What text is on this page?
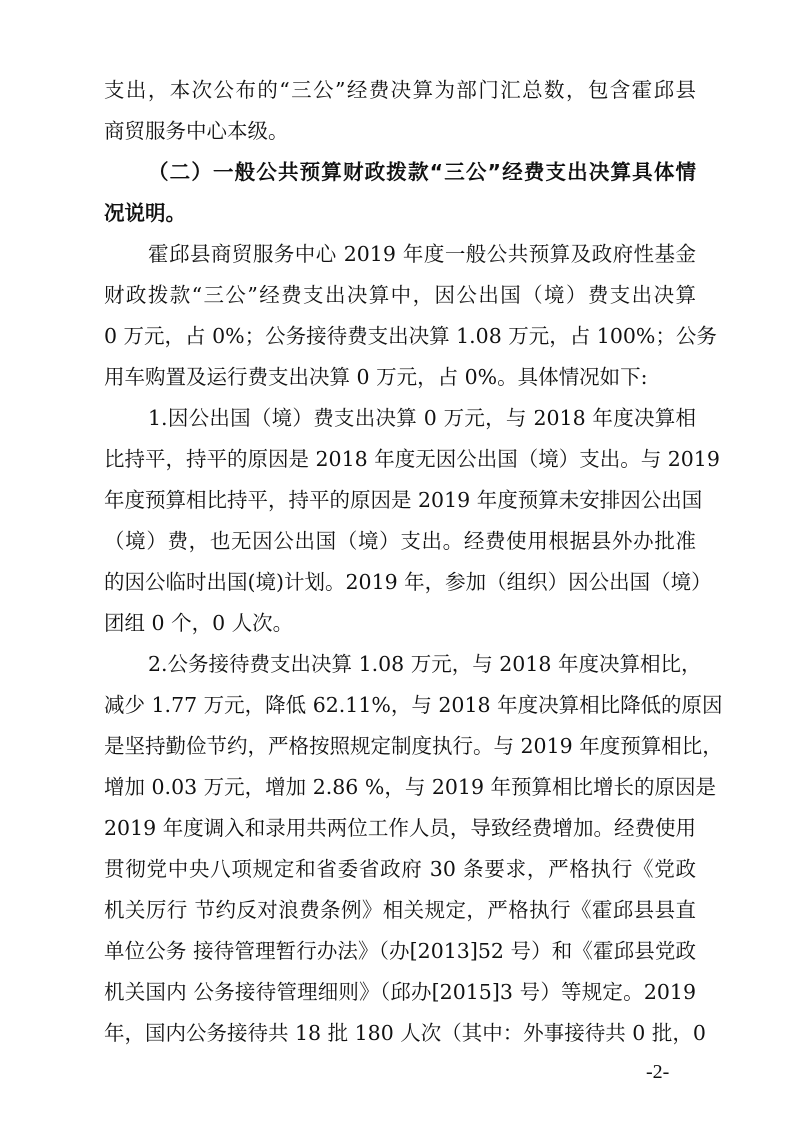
支出，本次公布的“三公”经费决算为部门汇总数，包含霍邱县
商贸服务中心本级。
（二）一般公共预算财政拨款“三公”经费支出决算具体情
况说明。
霍邱县商贸服务中心 2019 年度一般公共预算及政府性基金
财政拨款“三公”经费支出决算中，因公出国（境）费支出决算
0 万元，占 0%；公务接待费支出决算 1.08 万元，占 100%；公务
用车购置及运行费支出决算 0 万元，占 0%。具体情况如下:
1.因公出国（境）费支出决算 0 万元，与 2018 年度决算相
比持平，持平的原因是 2018 年度无因公出国（境）支出。与 2019
年度预算相比持平，持平的原因是 2019 年度预算未安排因公出国
（境）费，也无因公出国（境）支出。经费使用根据县外办批准
的因公临时出国(境)计划。2019 年，参加（组织）因公出国（境）
团组 0 个，0 人次。
2.公务接待费支出决算 1.08 万元，与 2018 年度决算相比，
减少 1.77 万元，降低 62.11%，与 2018 年度决算相比降低的原因
是坚持勤俭节约，严格按照规定制度执行。与 2019 年度预算相比，
增加 0.03 万元，增加 2.86 %，与 2019 年预算相比增长的原因是
2019 年度调入和录用共两位工作人员，导致经费增加。经费使用
贯彻党中央八项规定和省委省政府 30 条要求，严格执行《党政
机关厉行 节约反对浪费条例》相关规定，严格执行《霍邱县县直
单位公务 接待管理暂行办法》（办[2013]52 号）和《霍邱县党政
机关国内 公务接待管理细则》（邱办[2015]3 号）等规定。2019
年，国内公务接待共 18 批 180 人次（其中：外事接待共 0 批，0
-2-
